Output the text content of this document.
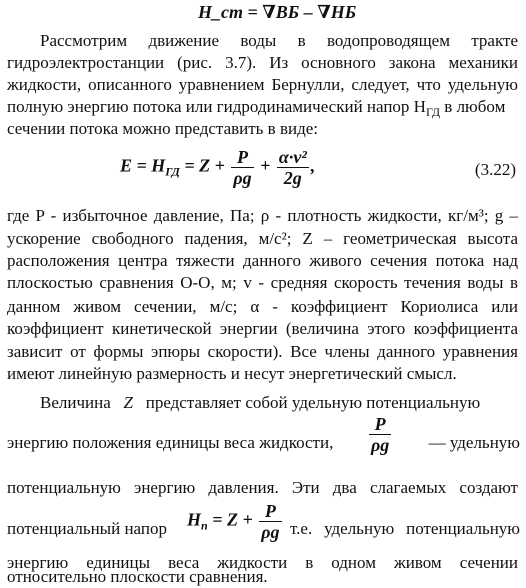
H_cm = ∇ВБ – ∇НБ
Рассмотрим движение воды в водопроводящем тракте
гидроэлектростанции (рис. 3.7). Из основного закона механики
жидкости, описанного уравнением Бернулли, следует, что удельную
полную энергию потока или гидродинамический напор $Н_{ГД}$ в любом
сечении потока можно представить в виде:
$E = H_{ГД} = Z + \frac{P}{\rho g} + \frac{\text{α·v²}}{2g}$ ,	(3.22)
где P - избыточное давление, Па; ρ - плотность жидкости, кг/м³; g –
ускорение свободного падения, м/с²; Z – геометрическая высота
расположения центра тяжести данного живого сечения потока над
плоскостью сравнения О-О, м; v - средняя скорость течения воды в
данном живом сечении, м/с; α - коэффициент Кориолиса или
коэффициент кинетической энергии (величина этого коэффициента
зависит от формы эпюры скорости). Все члены данного уравнения
имеют линейную размерность и несут энергетический смысл.
Величина Z представляет собой удельную потенциальную
энергию положения единицы веса жидкости,	$\frac{P}{\rho g}$	— удельную
потенциальную энергию давления. Эти два слагаемых создают
потенциальный напор	$H_n = Z + \frac{P}{\rho g} т.е$. удельную потенциальную
энергию единицы веса жидкости в одном живом сечении
относительно плоскости сравнения.
